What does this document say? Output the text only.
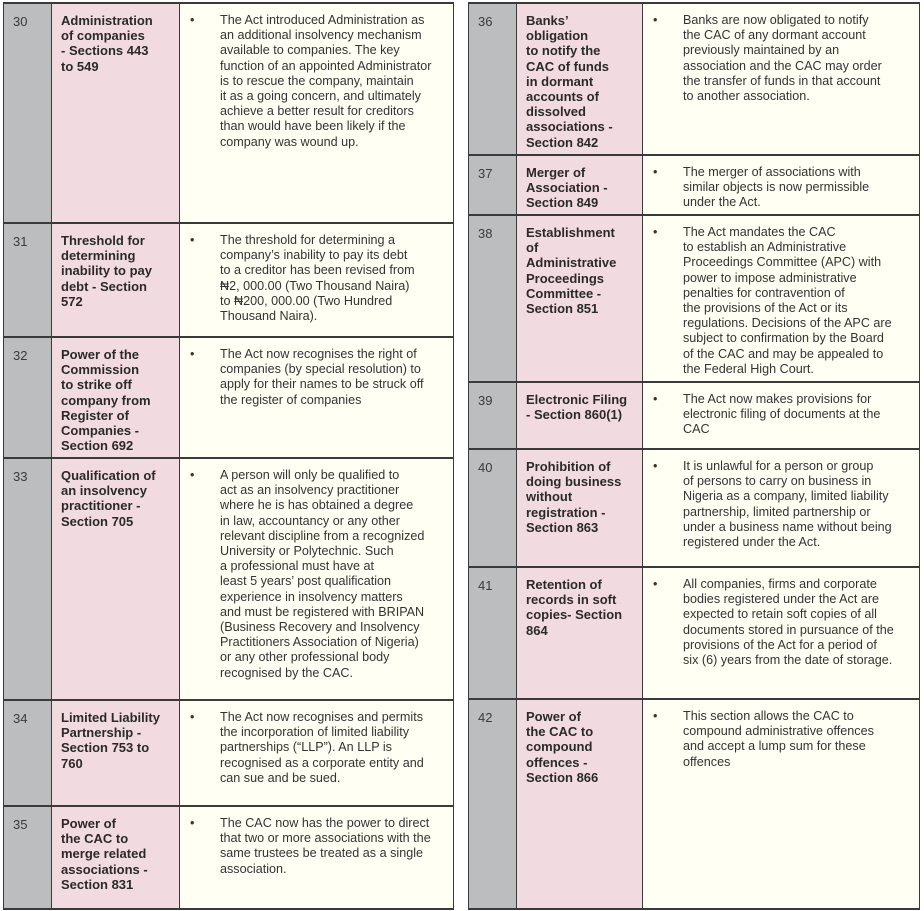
30	Administration
of companies
- Sections 443
to 549
•	The Act introduced Administration as
an additional insolvency mechanism
available to companies. The key
function of an appointed Administrator
is to rescue the company, maintain
it as a going concern, and ultimately
achieve a better result for creditors
than would have been likely if the
company was wound up.
31	Threshold for
determining
inability to pay
debt - Section
572
•	The threshold for determining a
company’s inability to pay its debt
to a creditor has been revised from
₦2, 000.00 (Two Thousand Naira)
to ₦200, 000.00 (Two Hundred
Thousand Naira).
32	Power of the
Commission
to strike off
company from
Register of
Companies -
Section 692
•	The Act now recognises the right of
companies (by special resolution) to
apply for their names to be struck off
the register of companies
33	Qualification of
an insolvency
practitioner -
Section 705
•	A person will only be qualified to
act as an insolvency practitioner
where he is has obtained a degree
in law, accountancy or any other
relevant discipline from a recognized
University or Polytechnic. Such
a professional must have at
least 5 years’ post qualification
experience in insolvency matters
and must be registered with BRIPAN
(Business Recovery and Insolvency
Practitioners Association of Nigeria)
or any other professional body
recognised by the CAC.
34	Limited Liability
Partnership -
Section 753 to
760
•	The Act now recognises and permits
the incorporation of limited liability
partnerships (“LLP”). An LLP is
recognised as a corporate entity and
can sue and be sued.
35	Power of
the CAC to
merge related
associations -
Section 831
•	The CAC now has the power to direct
that two or more associations with the
same trustees be treated as a single
association.
36	Banks’
obligation
to notify the
CAC of funds
in dormant
accounts of
dissolved
associations -
Section 842
•	Banks are now obligated to notify
the CAC of any dormant account
previously maintained by an
association and the CAC may order
the transfer of funds in that account
to another association.
37	Merger of
Association -
Section 849
•	The merger of associations with
similar objects is now permissible
under the Act.
38	Establishment
of
Administrative
Proceedings
Committee -
Section 851
•	The Act mandates the CAC
to establish an Administrative
Proceedings Committee (APC) with
power to impose administrative
penalties for contravention of
the provisions of the Act or its
regulations. Decisions of the APC are
subject to confirmation by the Board
of the CAC and may be appealed to
the Federal High Court.
39	Electronic Filing
- Section 860(1)
•	The Act now makes provisions for
electronic filing of documents at the
CAC
40	Prohibition of
doing business
without
registration -
Section 863
•	It is unlawful for a person or group
of persons to carry on business in
Nigeria as a company, limited liability
partnership, limited partnership or
under a business name without being
registered under the Act.
41	Retention of
records in soft
copies- Section
864
•	All companies, firms and corporate
bodies registered under the Act are
expected to retain soft copies of all
documents stored in pursuance of the
provisions of the Act for a period of
six (6) years from the date of storage.
42	Power of
the CAC to
compound
offences -
Section 866
•	This section allows the CAC to
compound administrative offences
and accept a lump sum for these
offences
